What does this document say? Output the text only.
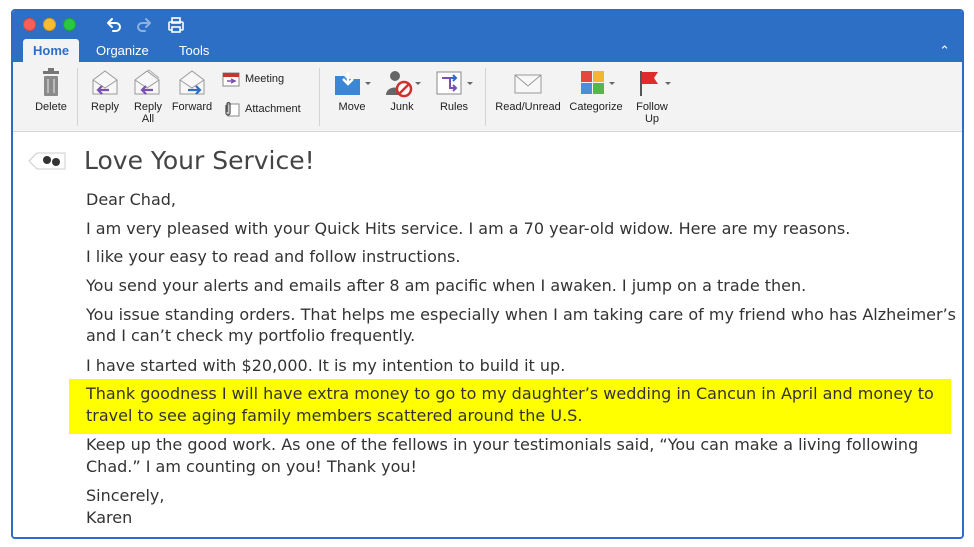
Home	Organize	Tools	⌃
Delete	Reply	Reply
All
Forward
Meeting
Attachment	Move	Junk	Rules	Read/Unread Categorize	Follow
Up
Love Your Service!
Dear Chad,
I am very pleased with your Quick Hits service. I am a 70 year-old widow. Here are my reasons.
I like your easy to read and follow instructions.
You send your alerts and emails after 8 am pacific when I awaken. I jump on a trade then.
You issue standing orders. That helps me especially when I am taking care of my friend who has Alzheimer’s
and I can’t check my portfolio frequently.
I have started with $20,000. It is my intention to build it up.
Thank goodness I will have extra money to go to my daughter’s wedding in Cancun in April and money to
travel to see aging family members scattered around the U.S.
Keep up the good work. As one of the fellows in your testimonials said, “You can make a living following
Chad.” I am counting on you! Thank you!
Sincerely,
Karen
